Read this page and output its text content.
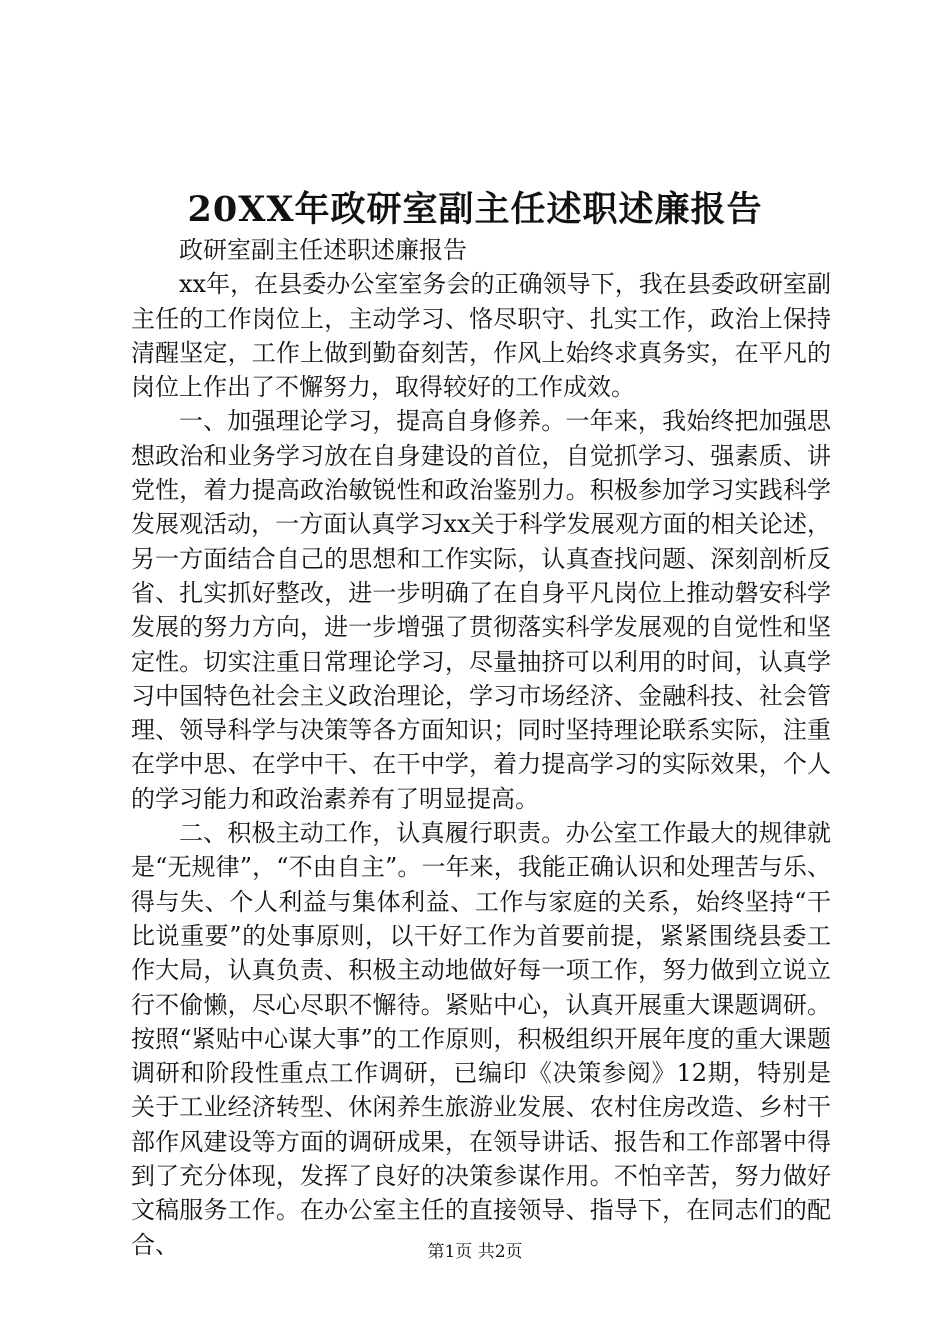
20XX年政研室副主任述职述廉报告

政研室副主任述职述廉报告

xx年，在县委办公室室务会的正确领导下，我在县委政研室副主任的工作岗位上，主动学习、恪尽职守、扎实工作，政治上保持清醒坚定，工作上做到勤奋刻苦，作风上始终求真务实，在平凡的岗位上作出了不懈努力，取得较好的工作成效。

一、加强理论学习，提高自身修养。一年来，我始终把加强思想政治和业务学习放在自身建设的首位，自觉抓学习、强素质、讲党性，着力提高政治敏锐性和政治鉴别力。积极参加学习实践科学发展观活动，一方面认真学习xx关于科学发展观方面的相关论述，另一方面结合自己的思想和工作实际，认真查找问题、深刻剖析反省、扎实抓好整改，进一步明确了在自身平凡岗位上推动磐安科学发展的努力方向，进一步增强了贯彻落实科学发展观的自觉性和坚定性。切实注重日常理论学习，尽量抽挤可以利用的时间，认真学习中国特色社会主义政治理论，学习市场经济、金融科技、社会管理、领导科学与决策等各方面知识；同时坚持理论联系实际，注重在学中思、在学中干、在干中学，着力提高学习的实际效果，个人的学习能力和政治素养有了明显提高。

二、积极主动工作，认真履行职责。办公室工作最大的规律就是“无规律”，“不由自主”。一年来，我能正确认识和处理苦与乐、得与失、个人利益与集体利益、工作与家庭的关系，始终坚持“干比说重要”的处事原则，以干好工作为首要前提，紧紧围绕县委工作大局，认真负责、积极主动地做好每一项工作，努力做到立说立行不偷懒，尽心尽职不懈待。紧贴中心，认真开展重大课题调研。按照“紧贴中心谋大事”的工作原则，积极组织开展年度的重大课题调研和阶段性重点工作调研，已编印《决策参阅》12期，特别是关于工业经济转型、休闲养生旅游业发展、农村住房改造、乡村干部作风建设等方面的调研成果，在领导讲话、报告和工作部署中得到了充分体现，发挥了良好的决策参谋作用。不怕辛苦，努力做好文稿服务工作。在办公室主任的直接领导、指导下，在同志们的配合、	第1页 共2页
